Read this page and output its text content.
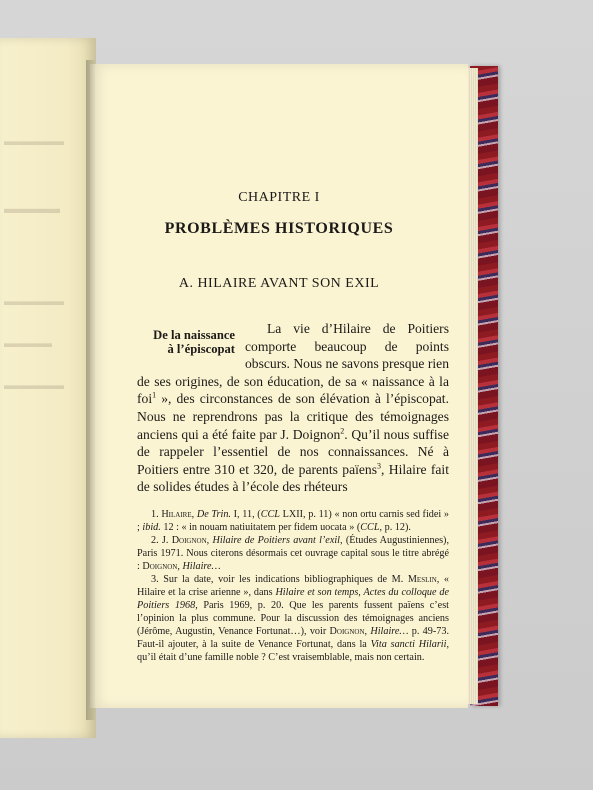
▬▬▬▬▬
▬▬▬▬
▬▬▬▬▬
▬▬▬▬
▬▬▬▬▬
CHAPITRE I
PROBLÈMES HISTORIQUES
A. HILAIRE AVANT SON EXIL
De la naissance
à l’épiscopat

La vie d’Hilaire de Poitiers comporte beaucoup de points obscurs. Nous ne savons presque rien de ses origines, de son éducation, de sa « naissance à la foi$^1$ », des circonstances de son élévation à l’épiscopat. Nous ne reprendrons pas la critique des témoignages anciens qui a été faite par J. Doignon$^2$. Qu’il nous suffise de rappeler l’essentiel de nos connaissances. Né à Poitiers entre 310 et 320, de parents païens$^3$, Hilaire fait de solides études à l’école des rhéteurs

1. Hilaire, De Trin. I, 11, (CCL LXII, p. 11) « non ortu carnis sed fidei » ; ibid. 12 : « in nouam natiuitatem per fidem uocata » (CCL, p. 12).

2. J. Doignon, Hilaire de Poitiers avant l’exil, (Études Augustiniennes), Paris 1971. Nous citerons désormais cet ouvrage capital sous le titre abrégé : Doignon, Hilaire…

3. Sur la date, voir les indications bibliographiques de M. Meslin, « Hilaire et la crise arienne », dans Hilaire et son temps, Actes du colloque de Poitiers 1968, Paris 1969, p. 20. Que les parents fussent païens c’est l’opinion la plus commune. Pour la discussion des témoignages anciens (Jérôme, Augustin, Venance Fortunat…), voir Doignon, Hilaire… p. 49-73. Faut-il ajouter, à la suite de Venance Fortunat, dans la Vita sancti Hilarii, qu’il était d’une famille noble ? C’est vraisemblable, mais non certain.
